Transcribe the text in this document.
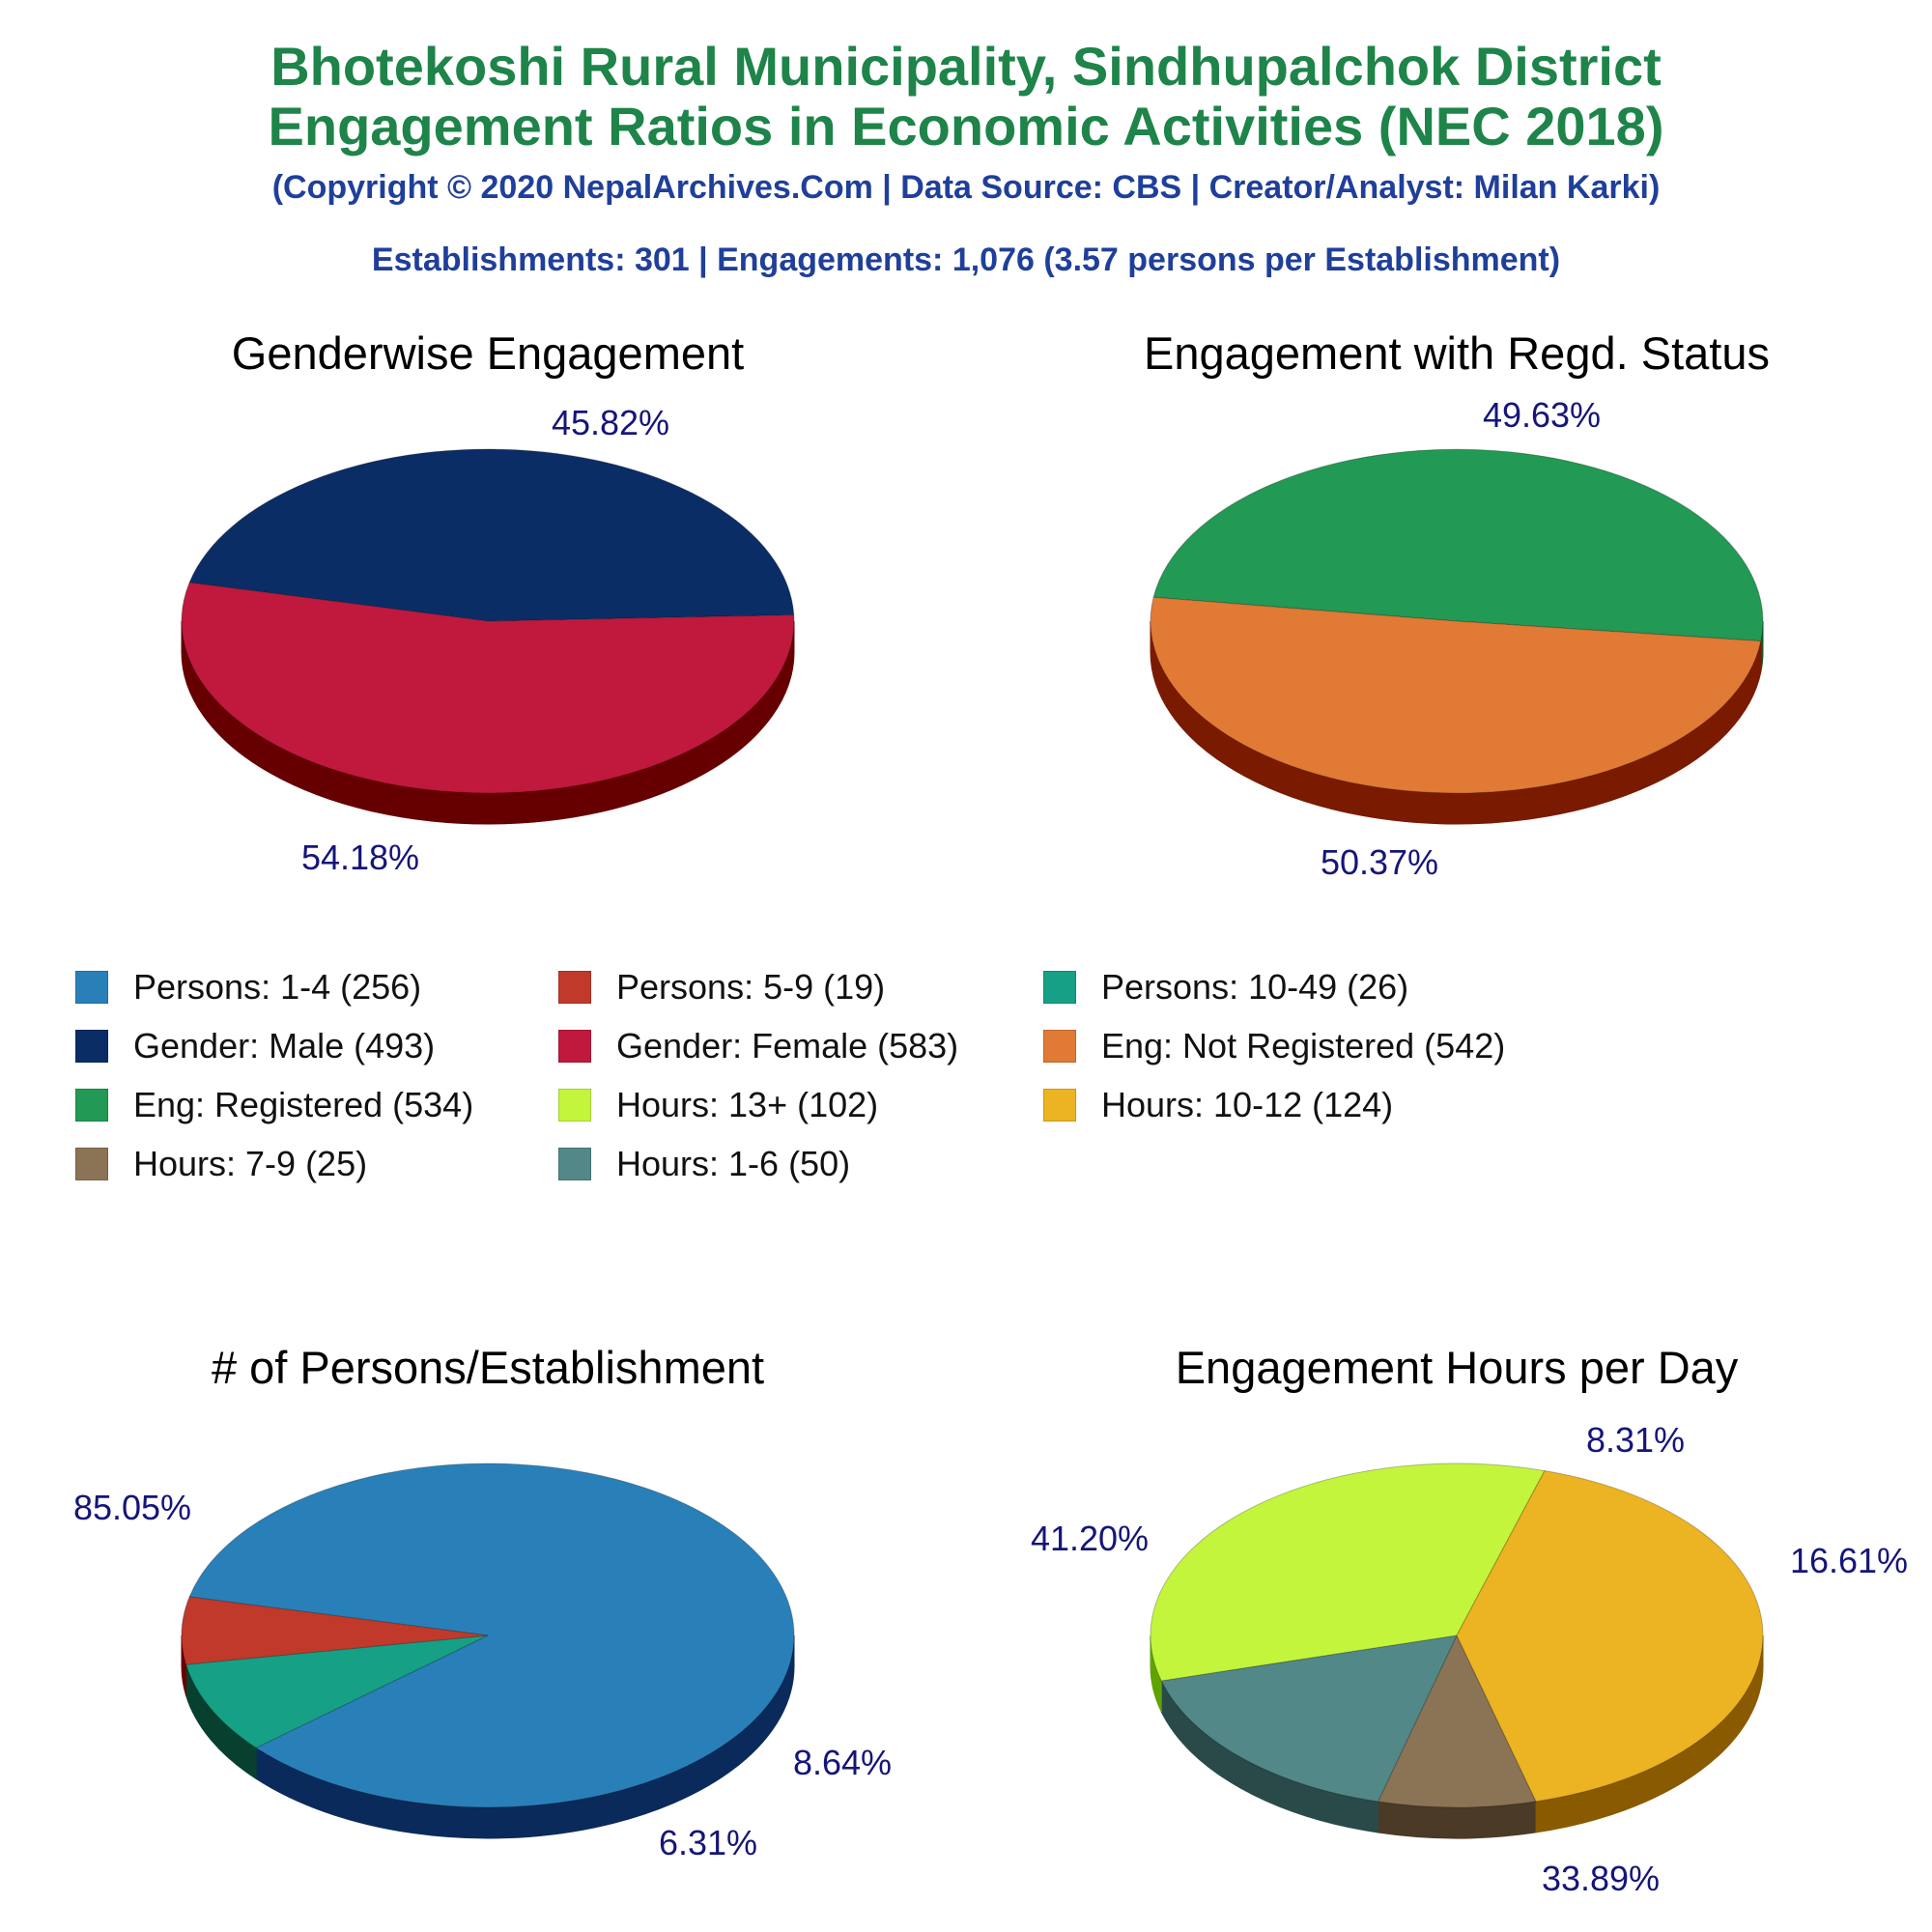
Bhotekoshi Rural Municipality, Sindhupalchok District
Engagement Ratios in Economic Activities (NEC 2018)
(Copyright © 2020 NepalArchives.Com | Data Source: CBS | Creator/Analyst: Milan Karki)
Establishments: 301 | Engagements: 1,076 (3.57 persons per Establishment)
Genderwise Engagement
45.82%
54.18%
Engagement with Regd. Status
49.63%
50.37%
# of Persons/Establishment
85.05%
8.64%
6.31%
Engagement Hours per Day
8.31%
16.61%
33.89%
41.20%
Persons: 1-4 (256)	Persons: 5-9 (19)	Persons: 10-49 (26)
Gender: Male (493)	Gender: Female (583)	Eng: Not Registered (542)
Eng: Registered (534)	Hours: 13+ (102)	Hours: 10-12 (124)
Hours: 7-9 (25)	Hours: 1-6 (50)
